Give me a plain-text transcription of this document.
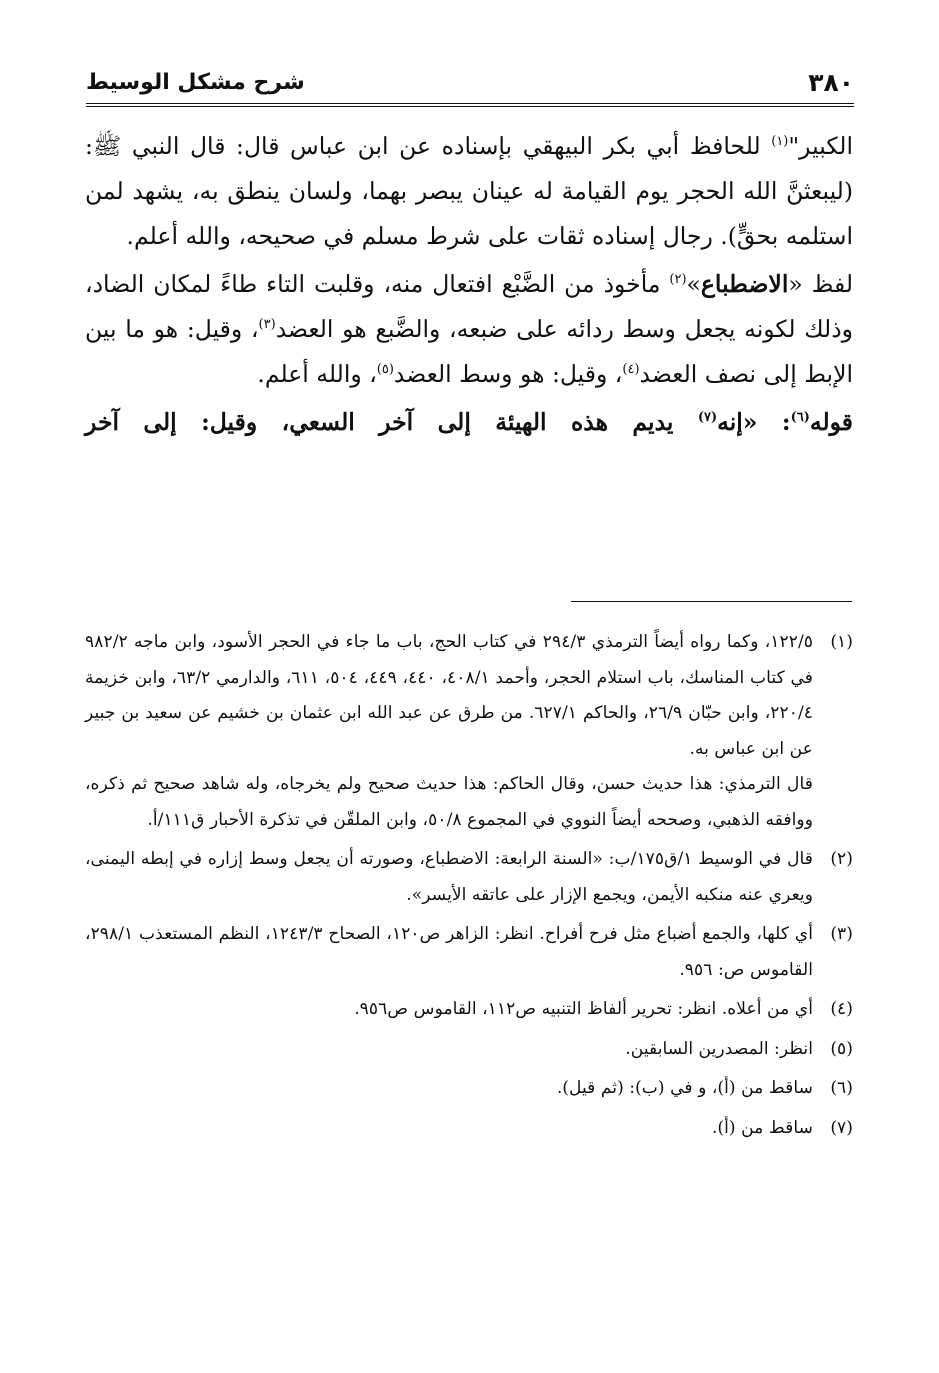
٣٨٠
شرح مشكل الوسيط

الكبير"$^{(١)}$ للحافظ أبي بكر البيهقي بإسناده عن ابن عباس قال: قال النبي ﷺ: (ليبعثنَّ الله الحجر يوم القيامة له عينان يبصر بهما، ولسان ينطق به، يشهد لمن استلمه بحقٍّ). رجال إسناده ثقات على شرط مسلم في صحيحه، والله أعلم.

لفظ «الاضطباع»$^{(٢)}$ مأخوذ من الضَّبْع افتعال منه، وقلبت التاء طاءً لمكان الضاد، وذلك لكونه يجعل وسط ردائه على ضبعه، والضَّبع هو العضد$^{(٣)}$، وقيل: هو ما بين الإبط إلى نصف العضد$^{(٤)}$، وقيل: هو وسط العضد$^{(٥)}$، والله أعلم.

قوله$^{(٦)}$: «إنه$^{(٧)}$ يديم هذه الهيئة إلى آخر السعي، وقيل: إلى آخر

(١)
١٢٢/٥، وكما رواه أيضاً الترمذي ٢٩٤/٣ في كتاب الحج، باب ما جاء في الحجر الأسود، وابن ماجه ٩٨٢/٢ في كتاب المناسك، باب استلام الحجر، وأحمد ٤٠٨/١، ٤٤٠، ٤٤٩، ٥٠٤، ٦١١، والدارمي ٦٣/٢، وابن خزيمة ٢٢٠/٤، وابن حبّان ٢٦/٩، والحاكم ٦٢٧/١. من طرق عن عبد الله ابن عثمان بن خشيم عن سعيد بن جبير عن ابن عباس به.
قال الترمذي: هذا حديث حسن، وقال الحاكم: هذا حديث صحيح ولم يخرجاه، وله شاهد صحيح ثم ذكره، ووافقه الذهبي، وصححه أيضاً النووي في المجموع ٥٠/٨، وابن الملقّن في تذكرة الأحبار ق١١١/أ.
(٢)
قال في الوسيط ١/ق١٧٥/ب: «السنة الرابعة: الاضطباع، وصورته أن يجعل وسط إزاره في إبطه اليمنى، ويعري عنه منكبه الأيمن، ويجمع الإزار على عاتقه الأيسر».
(٣)
أي كلها، والجمع أضباع مثل فرح أفراح. انظر: الزاهر ص١٢٠، الصحاح ١٢٤٣/٣، النظم المستعذب ٢٩٨/١، القاموس ص: ٩٥٦.
(٤)
أي من أعلاه. انظر: تحرير ألفاظ التنبيه ص١١٢، القاموس ص٩٥٦.
(٥)
انظر: المصدرين السابقين.
(٦)
ساقط من (أ)، و في (ب): (ثم قيل).
(٧)
ساقط من (أ).
